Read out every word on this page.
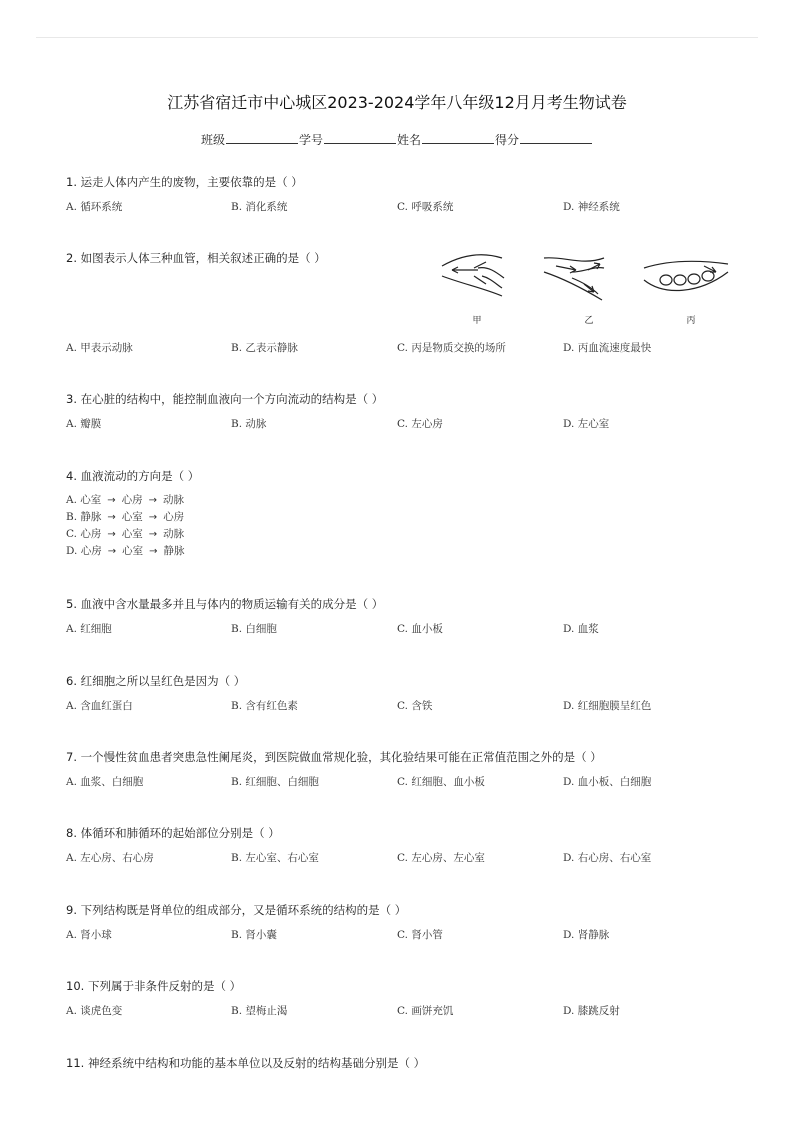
江苏省宿迁市中心城区2023-2024学年八年级12月月考生物试卷
班级	学号	姓名	得分
1. 运走人体内产生的废物，主要依靠的是（ ）
A. 循环系统	B. 消化系统	C. 呼吸系统	D. 神经系统
2. 如图表示人体三种血管，相关叙述正确的是（ ）
甲	乙	丙
A. 甲表示动脉	B. 乙表示静脉	C. 丙是物质交换的场所	D. 丙血流速度最快
3. 在心脏的结构中，能控制血液向一个方向流动的结构是（ ）
A. 瓣膜	B. 动脉	C. 左心房	D. 左心室
4. 血液流动的方向是（ ）
A. 心室 → 心房 → 动脉
B. 静脉 → 心室 → 心房
C. 心房 → 心室 → 动脉
D. 心房 → 心室 → 静脉
5. 血液中含水量最多并且与体内的物质运输有关的成分是（ ）
A. 红细胞	B. 白细胞	C. 血小板	D. 血浆
6. 红细胞之所以呈红色是因为（ ）
A. 含血红蛋白	B. 含有红色素	C. 含铁	D. 红细胞膜呈红色
7. 一个慢性贫血患者突患急性阑尾炎，到医院做血常规化验，其化验结果可能在正常值范围之外的是（ ）
A. 血浆、白细胞	B. 红细胞、白细胞	C. 红细胞、血小板	D. 血小板、白细胞
8. 体循环和肺循环的起始部位分别是（ ）
A. 左心房、右心房	B. 左心室、右心室	C. 左心房、左心室	D. 右心房、右心室
9. 下列结构既是肾单位的组成部分，又是循环系统的结构的是（ ）
A. 肾小球	B. 肾小囊	C. 肾小管	D. 肾静脉
10. 下列属于非条件反射的是（ ）
A. 谈虎色变	B. 望梅止渴	C. 画饼充饥	D. 膝跳反射
11. 神经系统中结构和功能的基本单位以及反射的结构基础分别是（ ）
